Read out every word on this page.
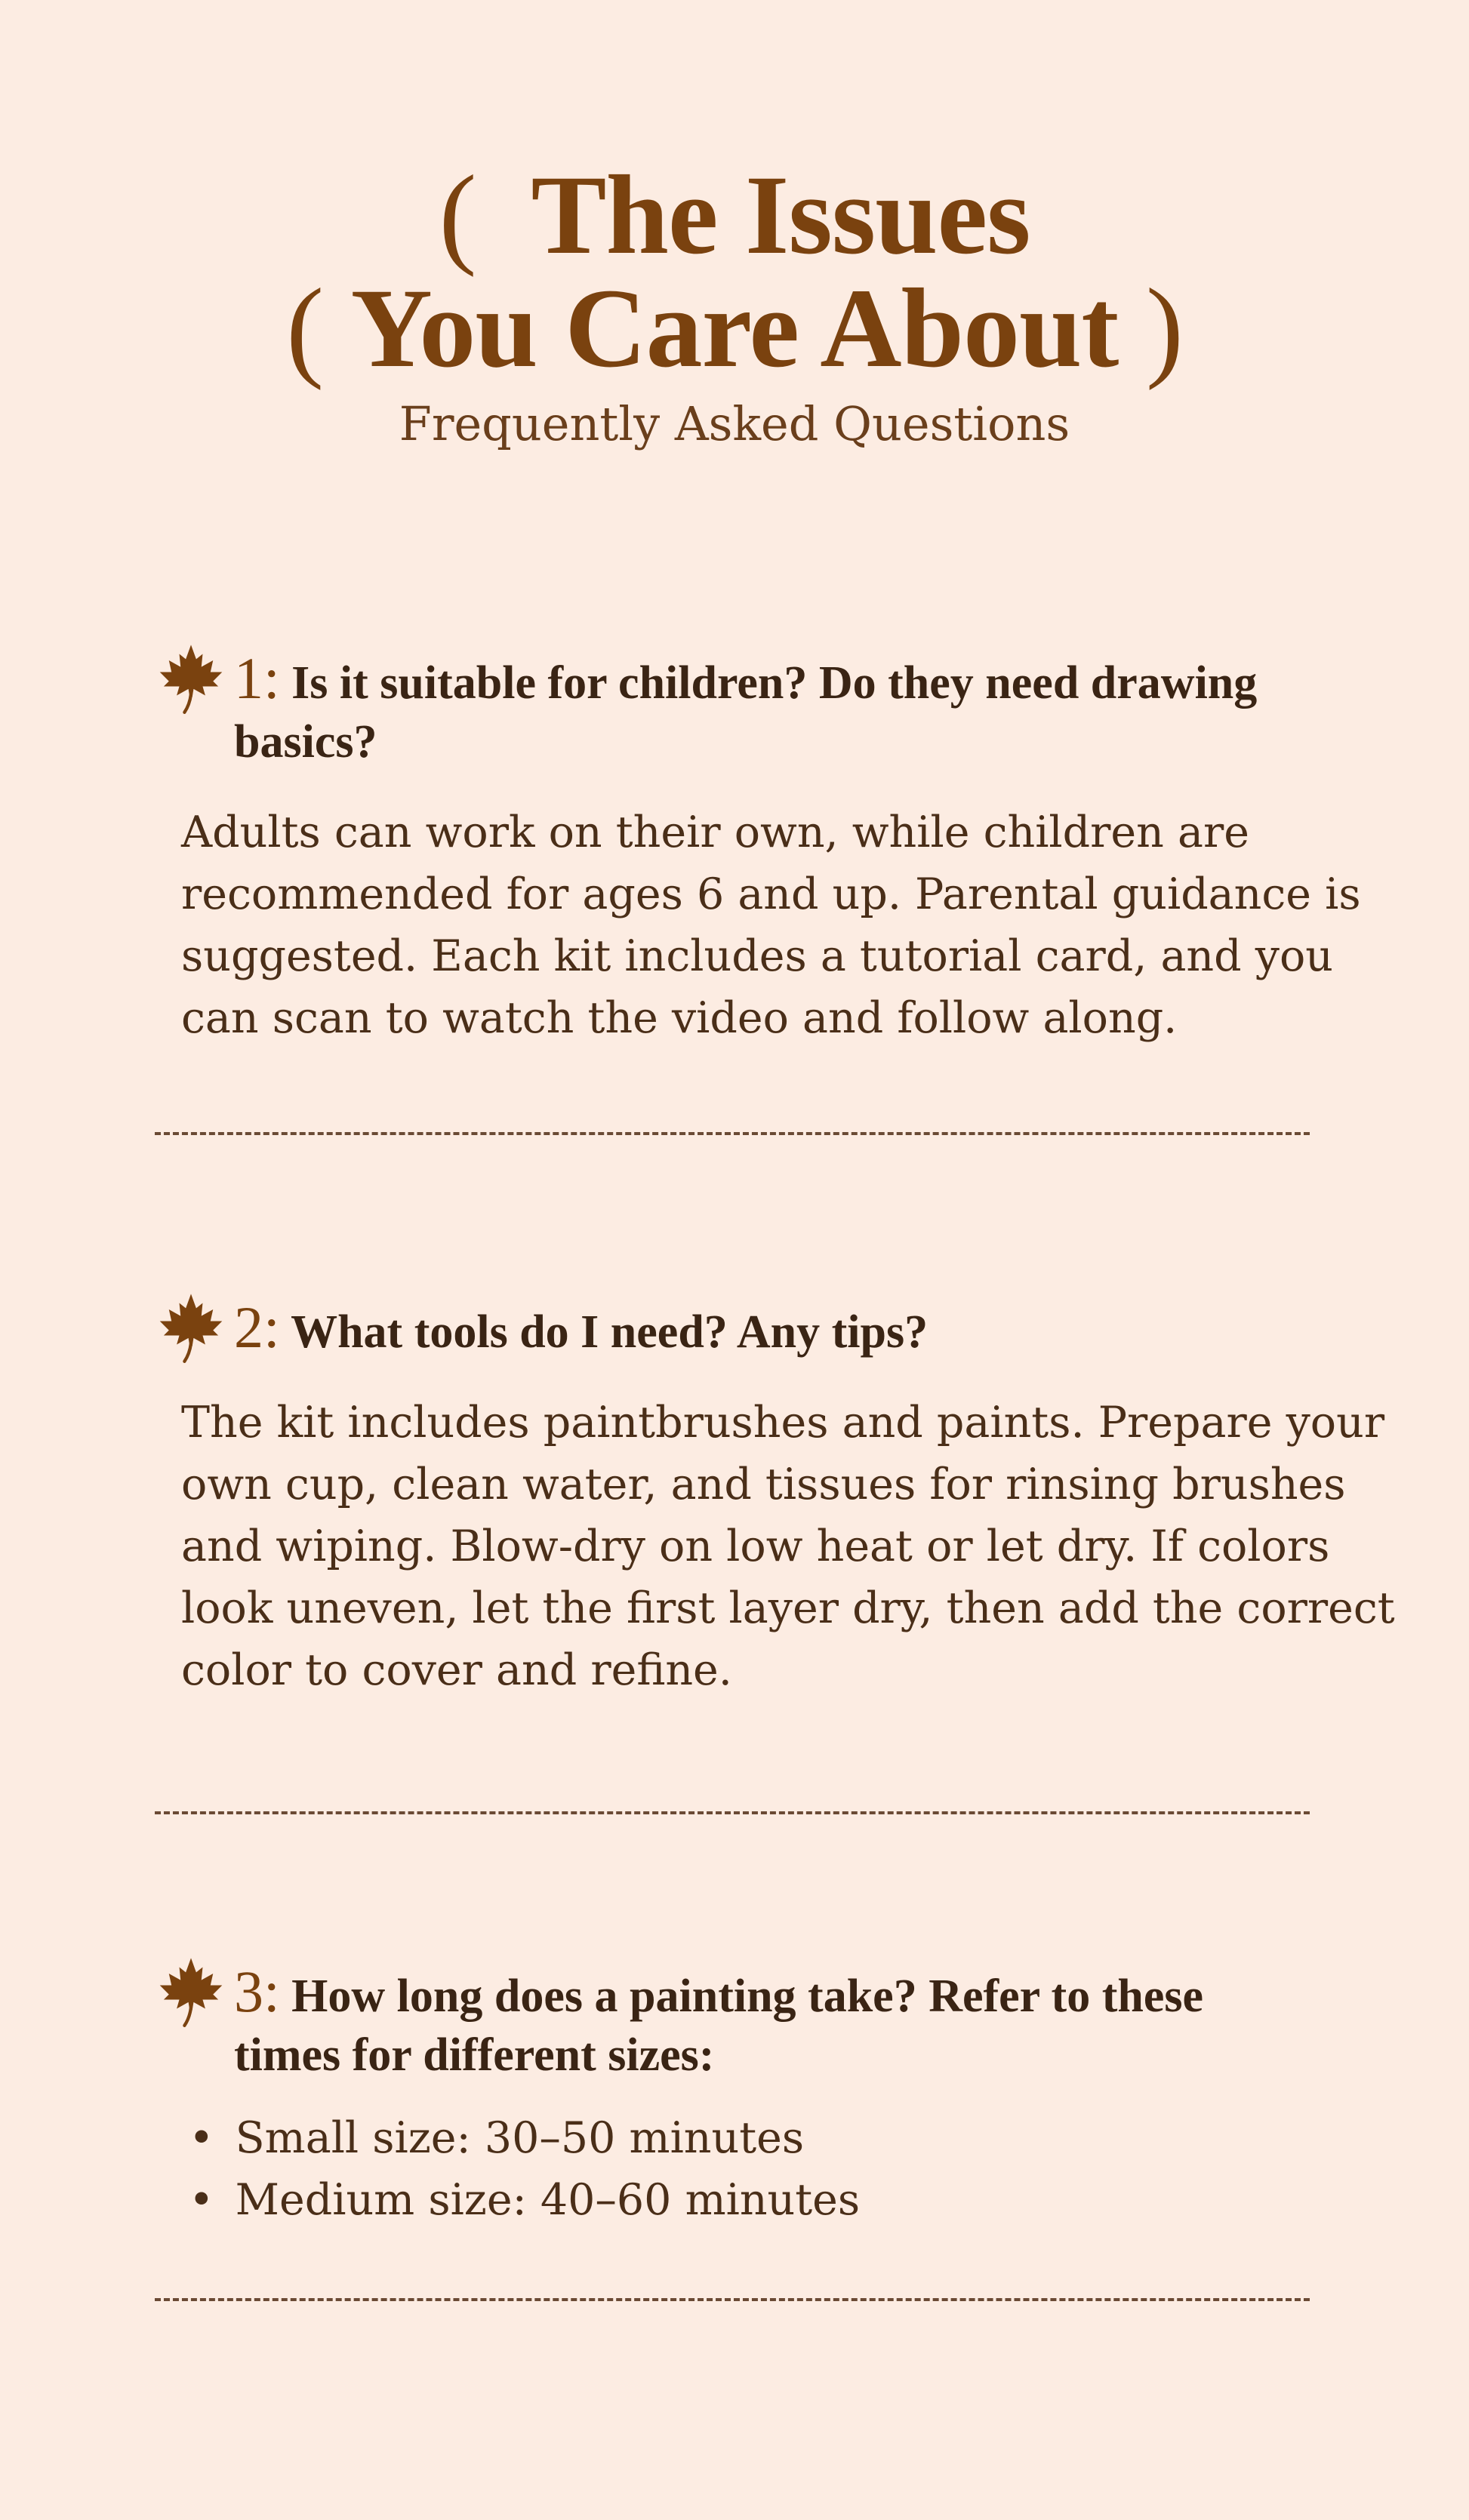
( The Issues
( You Care About )
Frequently Asked Questions
1: Is it suitable for children? Do they need drawing basics?
Adults can work on their own, while children are recommended for ages 6 and up. Parental guidance is suggested. Each kit includes a tutorial card, and you can scan to watch the video and follow along.
2: What tools do I need? Any tips?
The kit includes paintbrushes and paints. Prepare your own cup, clean water, and tissues for rinsing brushes and wiping. Blow-dry on low heat or let dry. If colors look uneven, let the first layer dry, then add the correct color to cover and refine.
3: How long does a painting take? Refer to these times for different sizes:
• Small size: 30–50 minutes
• Medium size: 40–60 minutes
